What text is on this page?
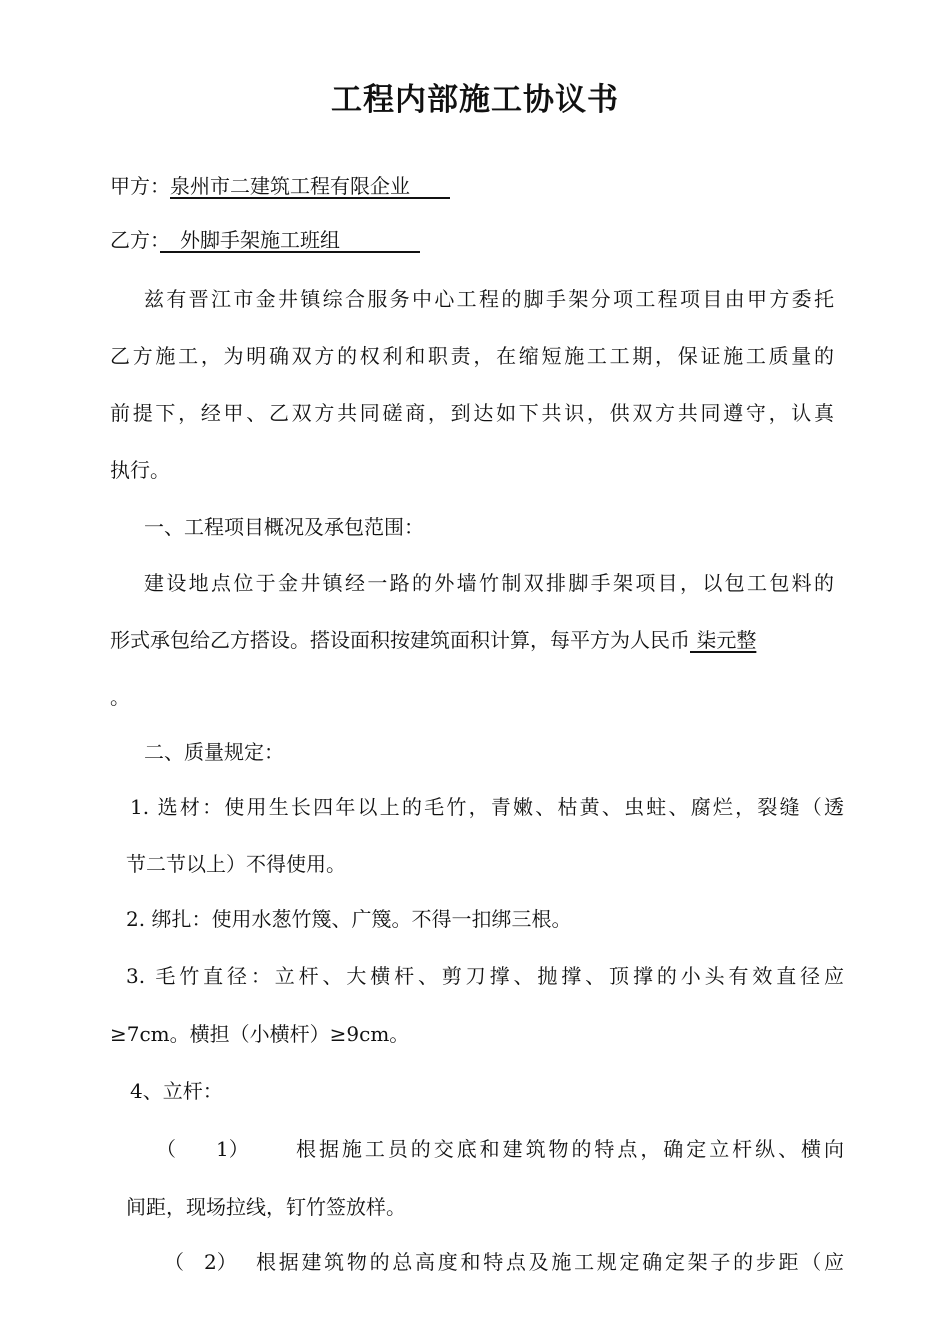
工程内部施工协议书
甲方：泉州市二建筑工程有限企业　　
乙方：　外脚手架施工班组　　　　
兹有晋江市金井镇综合服务中心工程的脚手架分项工程项目由甲方委托
乙方施工，为明确双方的权利和职责，在缩短施工工期，保证施工质量的
前提下，经甲、乙双方共同磋商，到达如下共识，供双方共同遵守，认真
执行。
一、工程项目概况及承包范围：
建设地点位于金井镇经一路的外墙竹制双排脚手架项目，以包工包料的
形式承包给乙方搭设。搭设面积按建筑面积计算，每平方为人民币 柒元整
。
二、质量规定：
1. 选材：使用生长四年以上的毛竹，青嫩、枯黄、虫蛀、腐烂，裂缝（透
节二节以上）不得使用。
2. 绑扎：使用水葱竹篾、广篾。不得一扣绑三根。
3. 毛竹直径：立杆、大横杆、剪刀撑、抛撑、顶撑的小头有效直径应
≥7cm。横担（小横杆）≥9cm。
4、立杆：
（　　1） 根据施工员的交底和建筑物的特点，确定立杆纵、横向
间距，现场拉线，钉竹签放样。
（　2） 根据建筑物的总高度和特点及施工规定确定架子的步距（应
